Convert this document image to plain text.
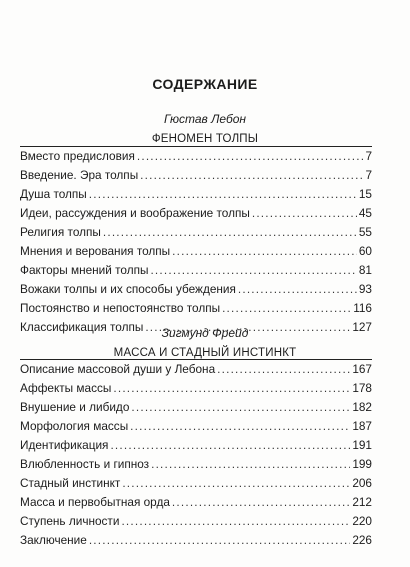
СОДЕРЖАНИЕ
Гюстав Лебон
ФЕНОМЕН ТОЛПЫ
Вместо предисловия .....	7
Введение. Эра толпы .....	7
Душа толпы .....	15
Идеи, рассуждения и воображение толпы .....	45
Религия толпы .....	55
Мнения и верования толпы .....	60
Факторы мнений толпы .....	81
Вожаки толпы и их способы убеждения .....	93
Постоянство и непостоянство толпы .....	116
Классификация толпы .....	127
Зигмунд Фрейд
МАССА И СТАДНЫЙ ИНСТИНКТ
Описание массовой души у Лебона .....	167
Аффекты массы .....	178
Внушение и либидо .....	182
Морфология массы .....	187
Идентификация .....	191
Влюбленность и гипноз .....	199
Стадный инстинкт .....	206
Масса и первобытная орда .....	212
Ступень личности .....	220
Заключение .....	226
